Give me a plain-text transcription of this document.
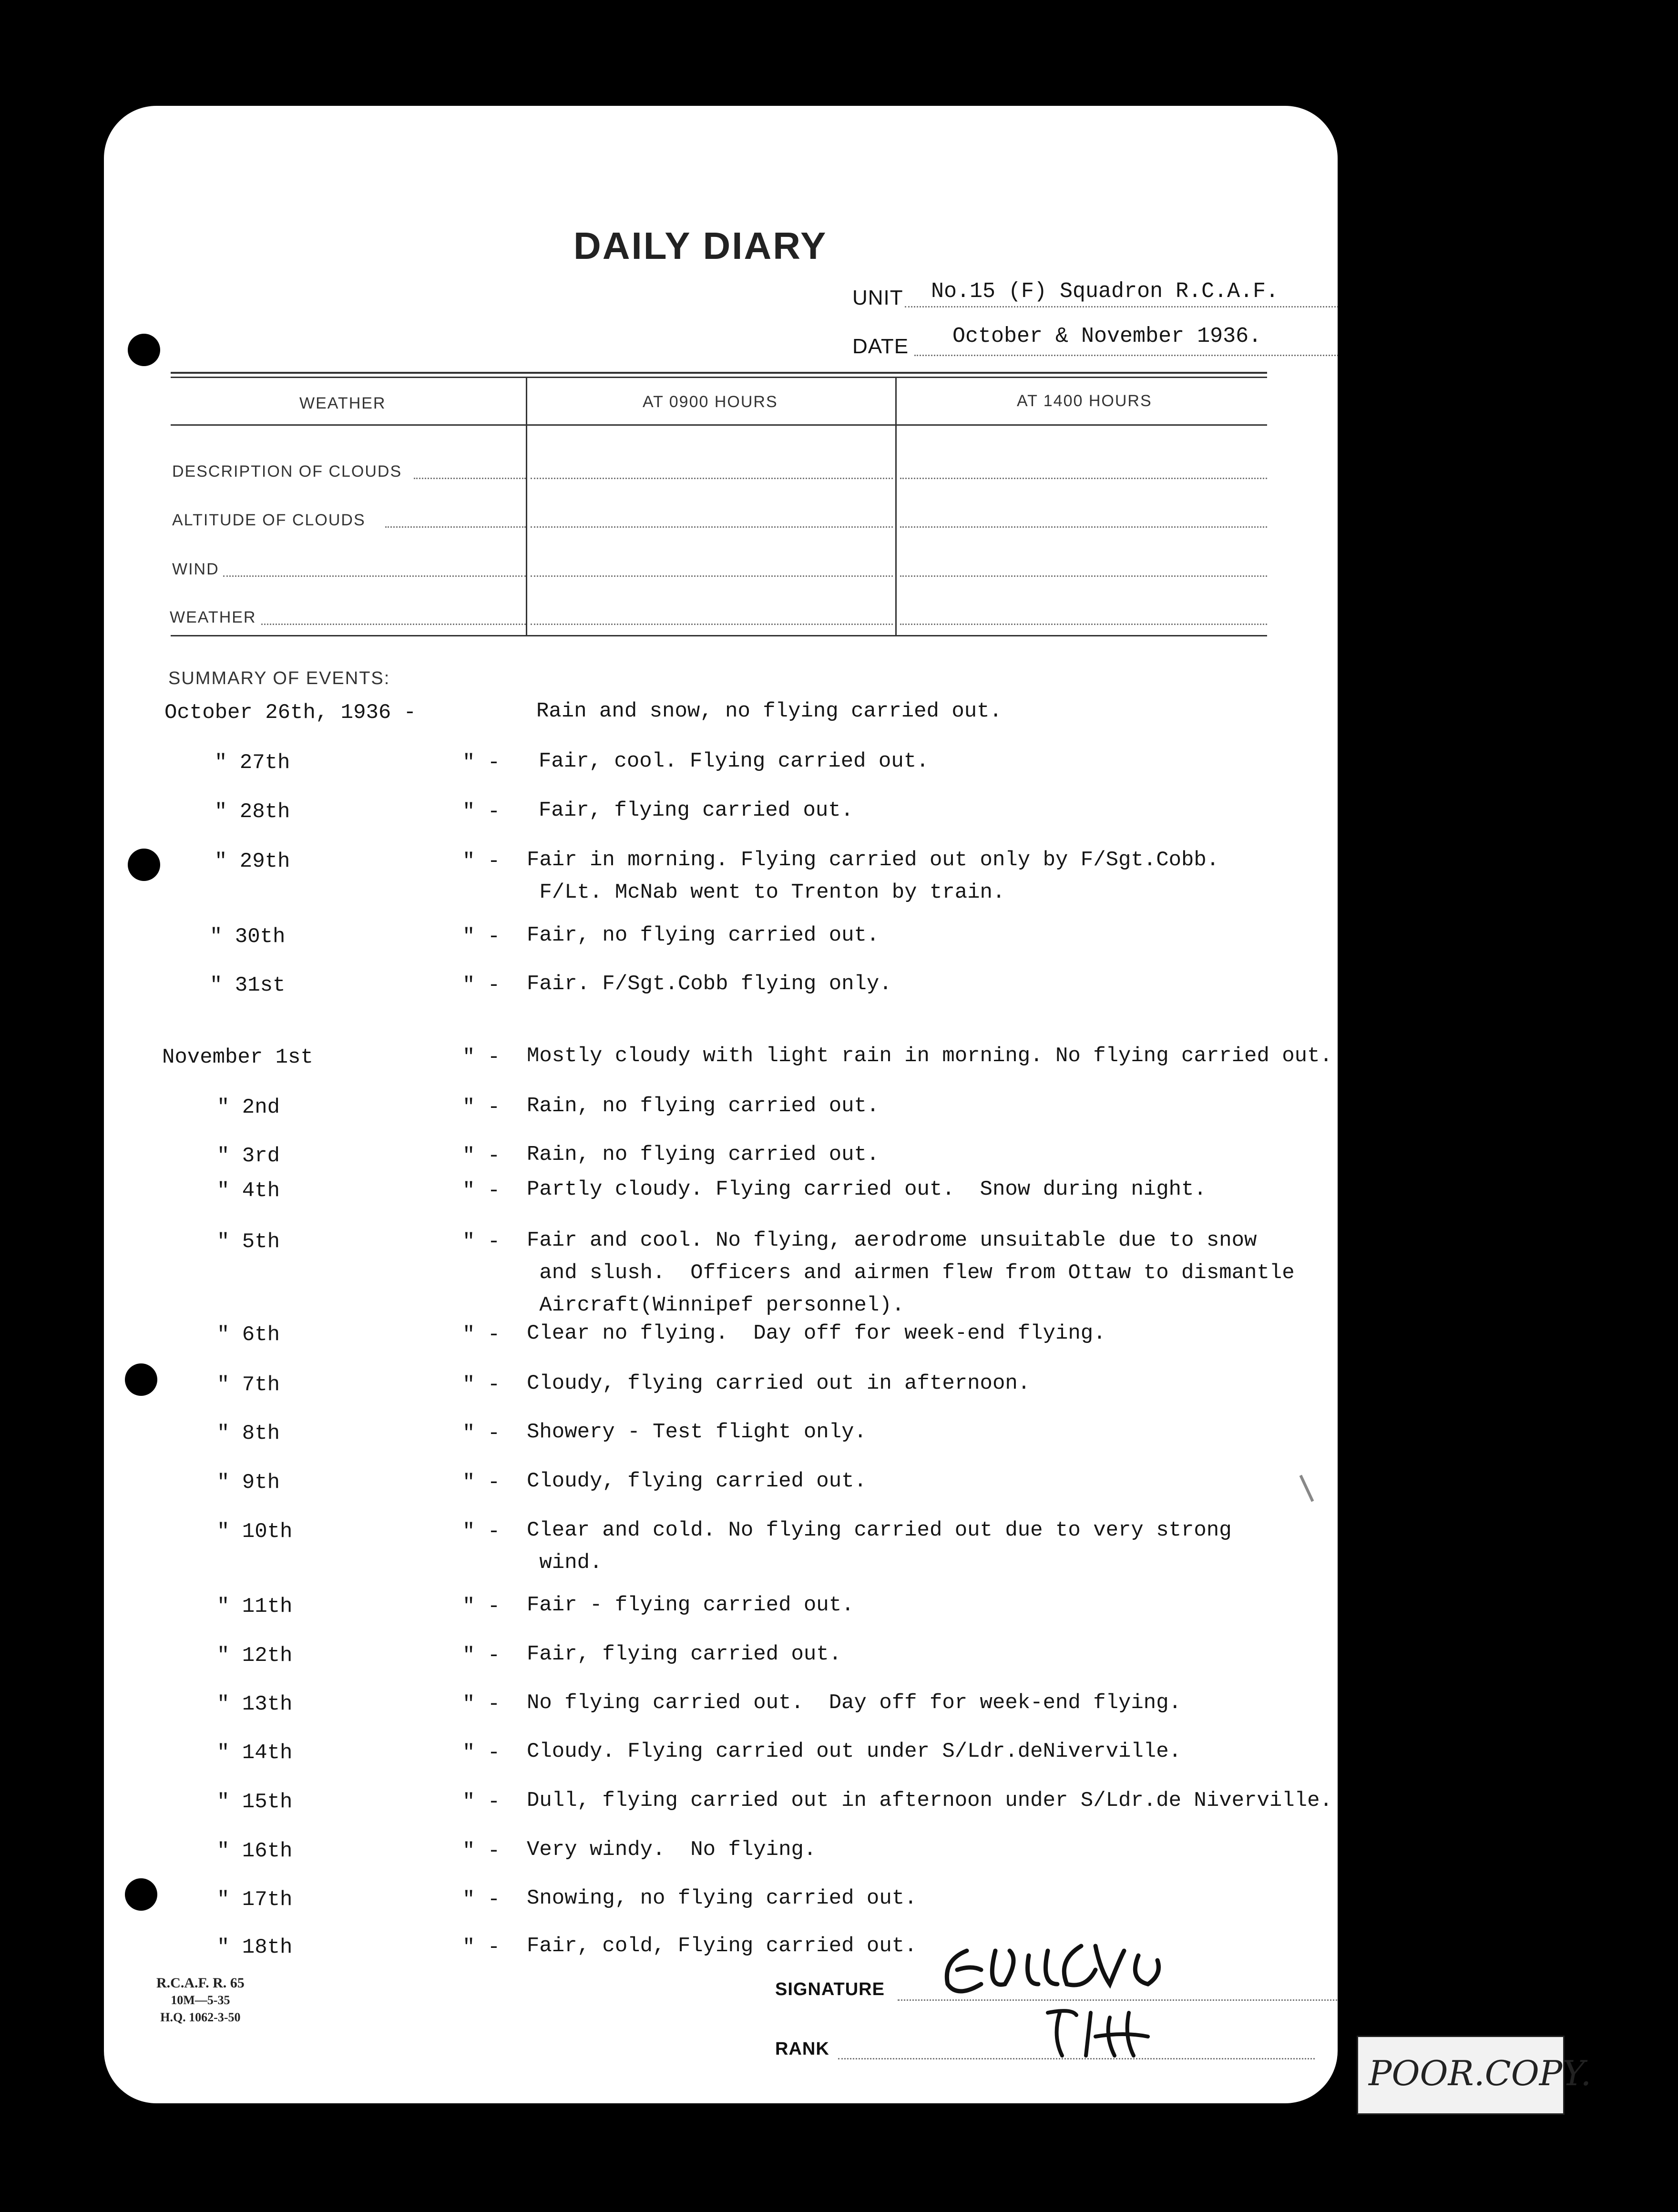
DAILY DIARY
UNIT No.15 (F) Squadron R.C.A.F.
DATE October & November 1936.
WEATHER	AT 0900 HOURS	AT 1400 HOURS
DESCRIPTION OF CLOUDS
ALTITUDE OF CLOUDS
WIND
WEATHER
SUMMARY OF EVENTS:
October 26th, 1936 -	Rain and snow, no flying carried out.
" 27th	" - Fair, cool. Flying carried out.
" 28th	" - Fair, flying carried out.
" 29th	" - Fair in morning. Flying carried out only by F/Sgt.Cobb.
F/Lt. McNab went to Trenton by train.
" 30th	" - Fair, no flying carried out.
" 31st	" - Fair. F/Sgt.Cobb flying only.
November 1st	" - Mostly cloudy with light rain in morning. No flying carried out.
" 2nd	" - Rain, no flying carried out.
" 3rd	" - Rain, no flying carried out.
" 4th	" - Partly cloudy. Flying carried out.  Snow during night.
" 5th	" - Fair and cool. No flying, aerodrome unsuitable due to snow
and slush.  Officers and airmen flew from Ottaw to dismantle
Aircraft(Winnipef personnel).
" 6th	" - Clear no flying.  Day off for week-end flying.
" 7th	" - Cloudy, flying carried out in afternoon.
" 8th	" - Showery - Test flight only.
" 9th	" - Cloudy, flying carried out.
" 10th	" - Clear and cold. No flying carried out due to very strong
wind.
" 11th	" - Fair - flying carried out.
" 12th	" - Fair, flying carried out.
" 13th	" - No flying carried out.  Day off for week-end flying.
" 14th	" - Cloudy. Flying carried out under S/Ldr.deNiverville.
" 15th	" - Dull, flying carried out in afternoon under S/Ldr.de Niverville.
" 16th	" - Very windy.  No flying.
" 17th	" - Snowing, no flying carried out.
" 18th	" - Fair, cold, Flying carried out.
R.C.A.F. R. 65
10M—5-35
H.Q. 1062-3-50
SIGNATURE
RANK
POOR.COPY.
